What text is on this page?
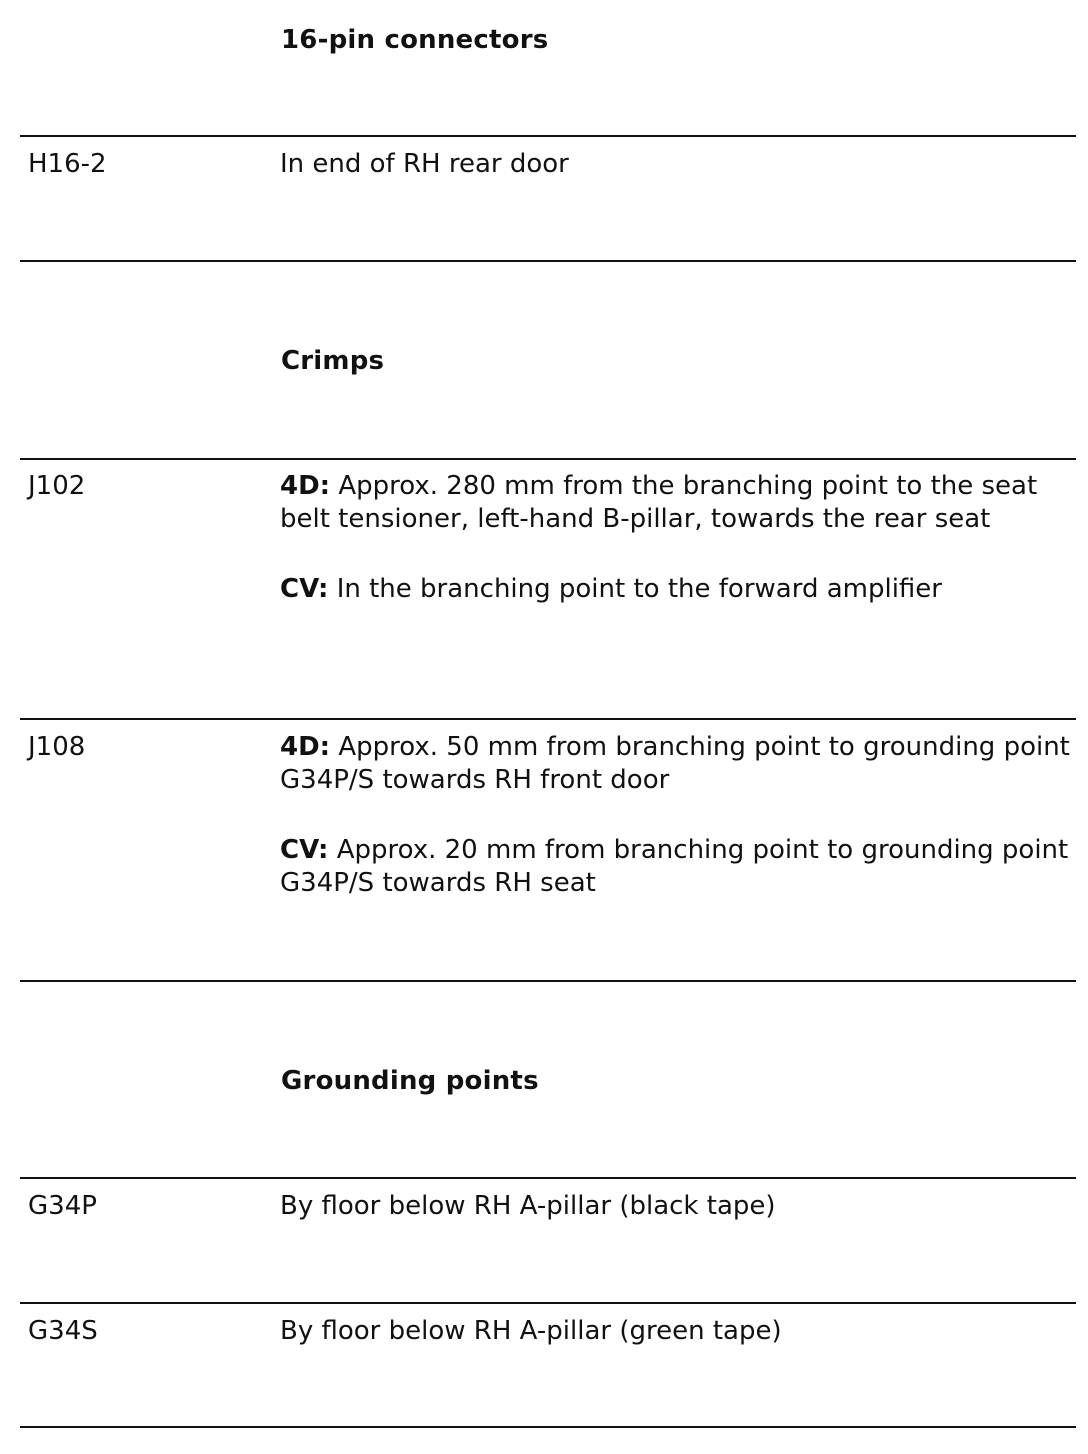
16-pin connectors
H16-2	In end of RH rear door

Crimps
J102	4D: Approx. 280 mm from the branching point to the seat belt tensioner, left-hand B-pillar, towards the rear seat

CV: In the branching point to the forward amplifier

J108	4D: Approx. 50 mm from branching point to grounding point G34P/S towards RH front door

CV: Approx. 20 mm from branching point to grounding point G34P/S towards RH seat

Grounding points
G34P	By floor below RH A-pillar (black tape)

G34S	By floor below RH A-pillar (green tape)
